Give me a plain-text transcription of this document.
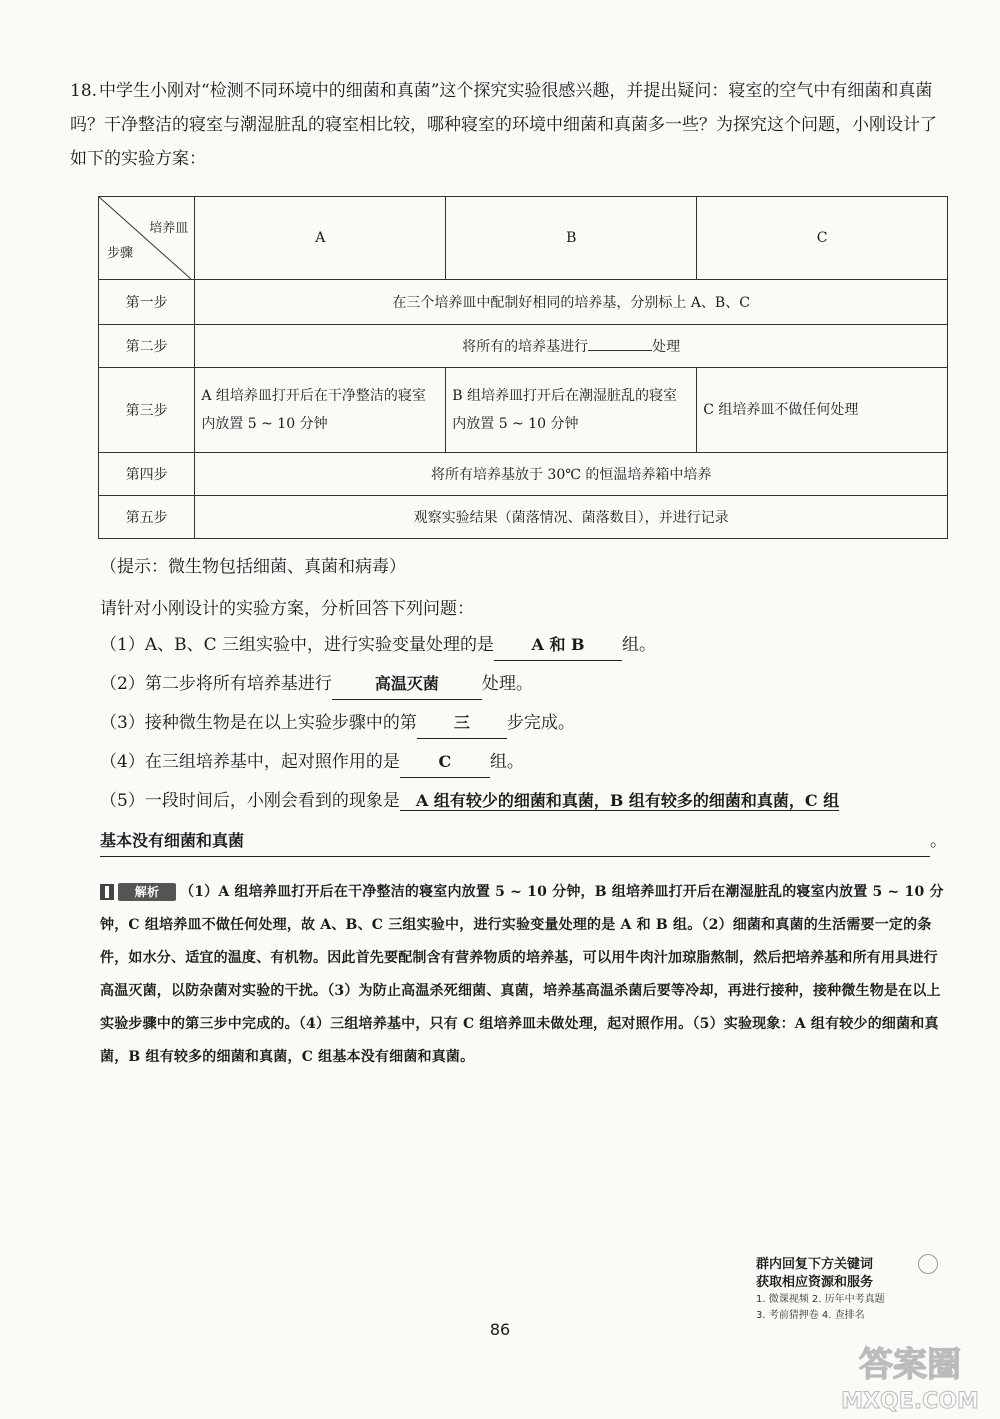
18. 中学生小刚对“检测不同环境中的细菌和真菌”这个探究实验很感兴趣，并提出疑问：寝室的空气中有细菌和真菌吗？干净整洁的寝室与潮湿脏乱的寝室相比较，哪种寝室的环境中细菌和真菌多一些？为探究这个问题，小刚设计了如下的实验方案：
培养皿
步骤	A	B	C
第一步	在三个培养皿中配制好相同的培养基，分别标上 A、B、C		
第二步	将所有的培养基进行 处理		
第三步	A 组培养皿打开后在干净整洁的寝室内放置 5 ~ 10 分钟	B 组培养皿打开后在潮湿脏乱的寝室内放置 5 ~ 10 分钟	C 组培养皿不做任何处理
第四步	将所有培养基放于 30℃ 的恒温培养箱中培养		
第五步	观察实验结果（菌落情况、菌落数目），并进行记录		
（提示：微生物包括细菌、真菌和病毒）
请针对小刚设计的实验方案，分析回答下列问题：
（1）A、B、C 三组实验中，进行实验变量处理的是 A 和 B 组。
（2）第二步将所有培养基进行	高温灭菌	处理。
（3）接种微生物是在以上实验步骤中的第 三 步完成。
（4）在三组培养基中，起对照作用的是 C 组。
（5）一段时间后，小刚会看到的现象是 A 组有较少的细菌和真菌，B 组有较多的细菌和真菌，C 组
基本没有细菌和真菌	。
解析	（1）A 组培养皿打开后在干净整洁的寝室内放置 5 ~ 10 分钟，B 组培养皿打开后在潮湿脏乱的寝室内放置 5 ~ 10 分钟，C 组培养皿不做任何处理，故 A、B、C 三组实验中，进行实验变量处理的是 A 和 B 组。（2）细菌和真菌的生活需要一定的条件，如水分、适宜的温度、有机物。因此首先要配制含有营养物质的培养基，可以用牛肉汁加琼脂熬制，然后把培养基和所有用具进行高温灭菌，以防杂菌对实验的干扰。（3）为防止高温杀死细菌、真菌，培养基高温杀菌后要等冷却，再进行接种，接种微生物是在以上实验步骤中的第三步中完成的。（4）三组培养基中，只有 C 组培养皿未做处理，起对照作用。（5）实验现象：A 组有较少的细菌和真菌，B 组有较多的细菌和真菌，C 组基本没有细菌和真菌。
群内回复下方关键词
获取相应资源和服务
1. 微课视频 2. 历年中考真题
3. 考前猜押卷 4. 查排名
86
答案圈
MXQE.COM
